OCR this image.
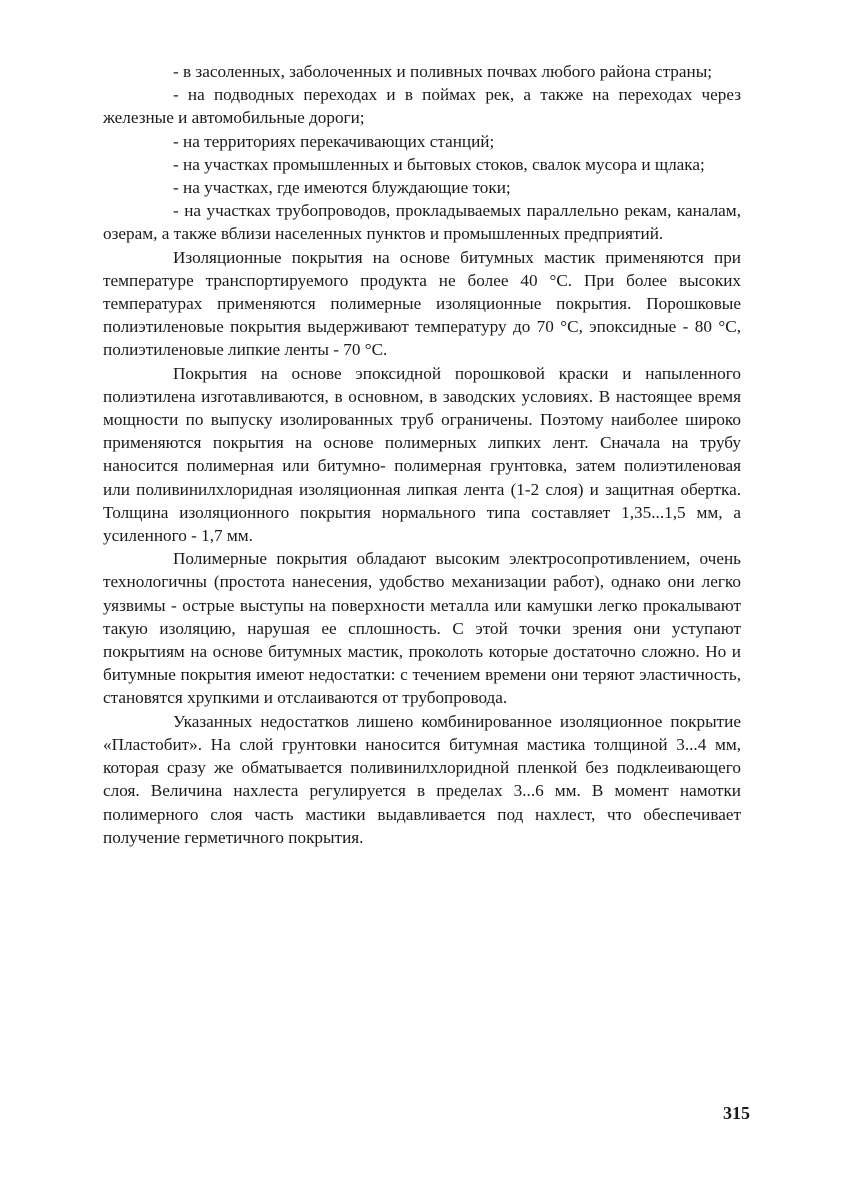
- в засоленных, заболоченных и поливных почвах любого района страны;

- на подводных переходах и в поймах рек, а также на переходах через железные и автомобильные дороги;

- на территориях перекачивающих станций;

- на участках промышленных и бытовых стоков, свалок мусора и щлака;

- на участках, где имеются блуждающие токи;

- на участках трубопроводов, прокладываемых параллельно рекам, каналам, озерам, а также вблизи населенных пунктов и промышленных предприятий.

Изоляционные покрытия на основе битумных мастик применяются при температуре транспортируемого продукта не более 40 °С. При более высоких температурах применяются полимерные изоляционные покрытия. Порошковые полиэтиленовые покрытия выдерживают температуру до 70 °С, эпоксидные - 80 °С, полиэтиленовые липкие ленты - 70 °С.

Покрытия на основе эпоксидной порошковой краски и напыленного полиэтилена изготавливаются, в основном, в заводских условиях. В настоящее время мощности по выпуску изолированных труб ограничены. Поэтому наиболее широко применяются покрытия на основе полимерных липких лент. Сначала на трубу наносится полимерная или битумно- полимерная грунтовка, затем полиэтиленовая или поливинилхлоридная изоляционная липкая лента (1-2 слоя) и защитная обертка. Толщина изоляционного покрытия нормального типа составляет 1,35...1,5 мм, а усиленного - 1,7 мм.

Полимерные покрытия обладают высоким электросопротивлением, очень технологичны (простота нанесения, удобство механизации работ), однако они легко уязвимы - острые выступы на поверхности металла или камушки легко прокалывают такую изоляцию, нарушая ее сплошность. С этой точки зрения они уступают покрытиям на основе битумных мастик, проколоть которые достаточно сложно. Но и битумные покрытия имеют недостатки: с течением времени они теряют эластичность, становятся хрупкими и отслаиваются от трубопровода.

Указанных недостатков лишено комбинированное изоляционное покрытие «Пластобит». На слой грунтовки наносится битумная мастика толщиной 3...4 мм, которая сразу же обматывается поливинилхлоридной пленкой без подклеивающего слоя. Величина нахлеста регулируется в пределах 3...6 мм. В момент намотки полимерного слоя часть мастики выдавливается под нахлест, что обеспечивает получение герметичного покрытия.

315
